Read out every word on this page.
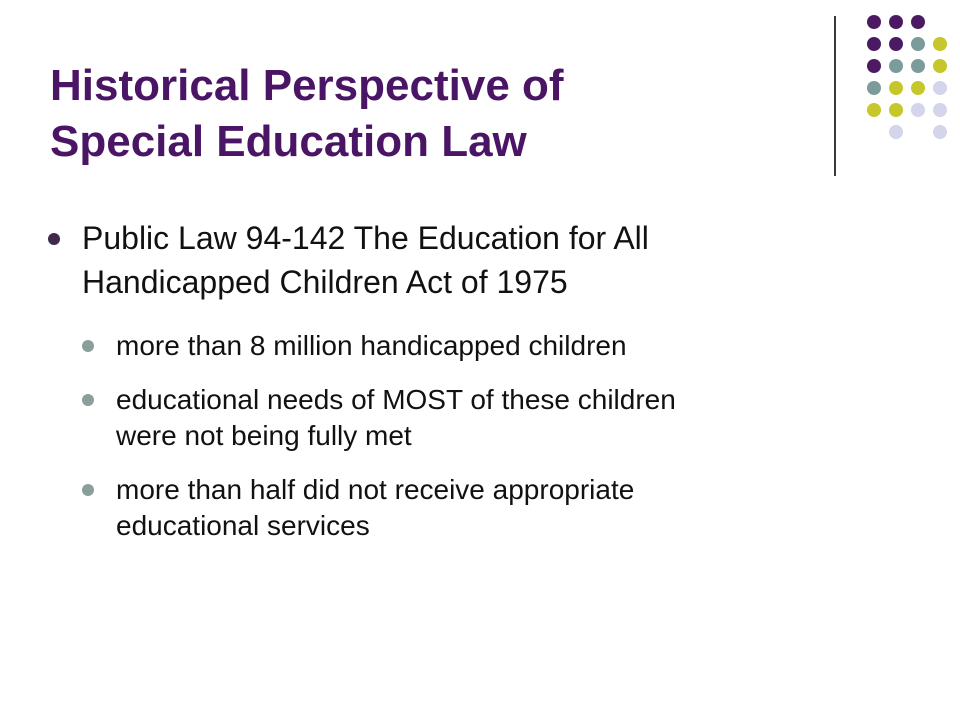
Historical Perspective of
Special Education Law
Public Law 94-142 The Education for All
Handicapped Children Act of 1975
more than 8 million handicapped children
educational needs of MOST of these children
were not being fully met
more than half did not receive appropriate
educational services
